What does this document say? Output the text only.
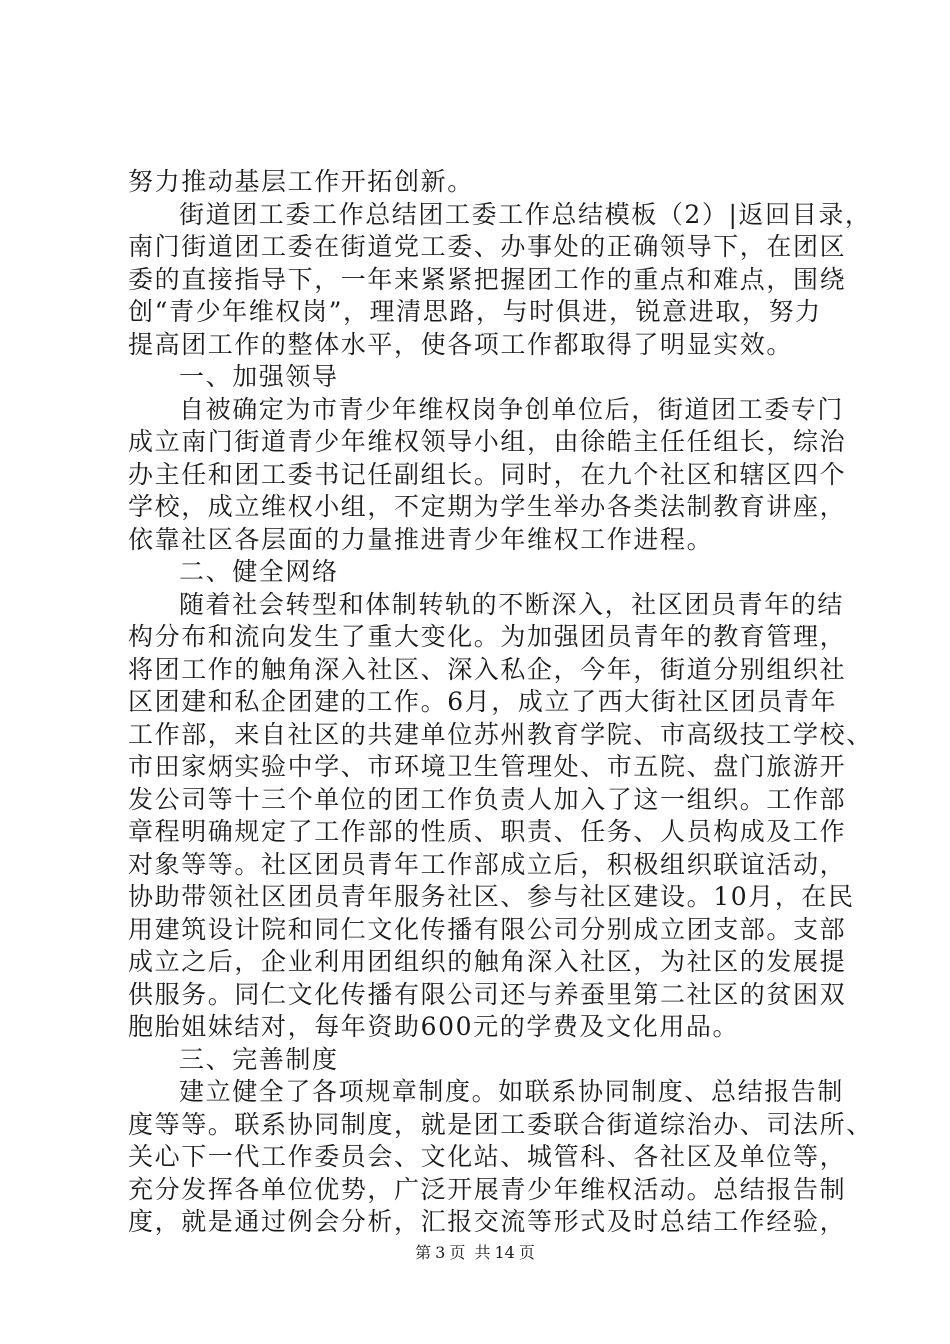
努力推动基层工作开拓创新。
街道团工委工作总结团工委工作总结模板（2）|返回目录，
南门街道团工委在街道党工委、办事处的正确领导下，在团区
委的直接指导下，一年来紧紧把握团工作的重点和难点，围绕
创“青少年维权岗”，理清思路，与时俱进，锐意进取，努力
提高团工作的整体水平，使各项工作都取得了明显实效。
一、加强领导
自被确定为市青少年维权岗争创单位后，街道团工委专门
成立南门街道青少年维权领导小组，由徐皓主任任组长，综治
办主任和团工委书记任副组长。同时，在九个社区和辖区四个
学校，成立维权小组，不定期为学生举办各类法制教育讲座，
依靠社区各层面的力量推进青少年维权工作进程。
二、健全网络
随着社会转型和体制转轨的不断深入，社区团员青年的结
构分布和流向发生了重大变化。为加强团员青年的教育管理，
将团工作的触角深入社区、深入私企，今年，街道分别组织社
区团建和私企团建的工作。6月，成立了西大街社区团员青年
工作部，来自社区的共建单位苏州教育学院、市高级技工学校、
市田家炳实验中学、市环境卫生管理处、市五院、盘门旅游开
发公司等十三个单位的团工作负责人加入了这一组织。工作部
章程明确规定了工作部的性质、职责、任务、人员构成及工作
对象等等。社区团员青年工作部成立后，积极组织联谊活动，
协助带领社区团员青年服务社区、参与社区建设。10月，在民
用建筑设计院和同仁文化传播有限公司分别成立团支部。支部
成立之后，企业利用团组织的触角深入社区，为社区的发展提
供服务。同仁文化传播有限公司还与养蚕里第二社区的贫困双
胞胎姐妹结对，每年资助600元的学费及文化用品。
三、完善制度
建立健全了各项规章制度。如联系协同制度、总结报告制
度等等。联系协同制度，就是团工委联合街道综治办、司法所、
关心下一代工作委员会、文化站、城管科、各社区及单位等，
充分发挥各单位优势，广泛开展青少年维权活动。总结报告制
度，就是通过例会分析，汇报交流等形式及时总结工作经验，
第 3 页 共 14 页
